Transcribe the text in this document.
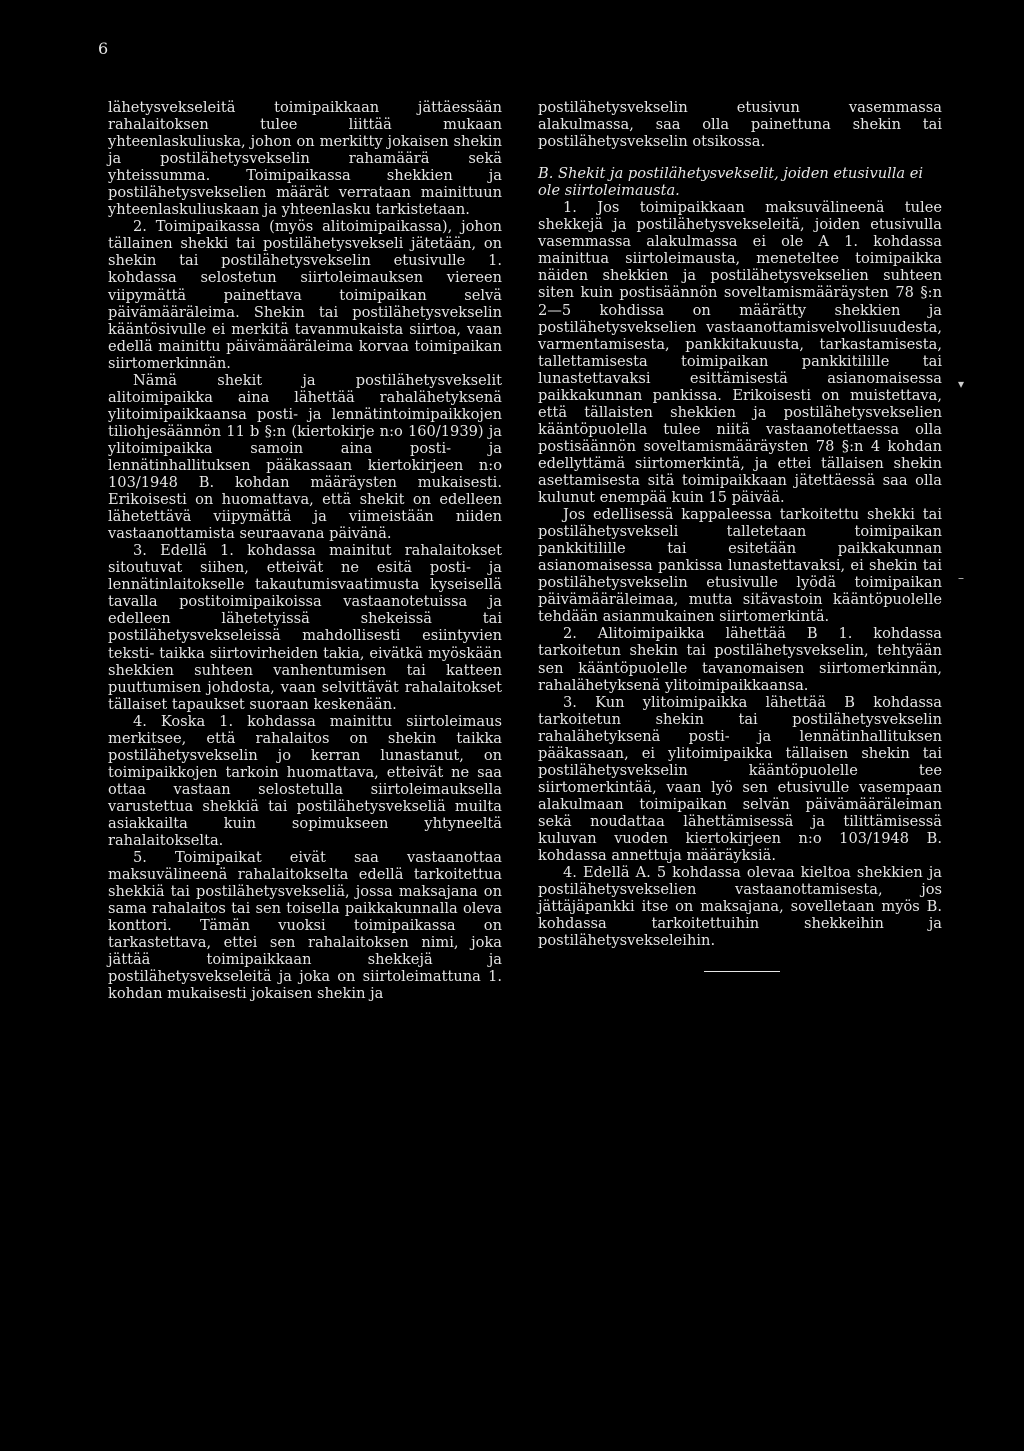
6

lähetysvekseleitä toimipaikkaan jättäessään rahalaitoksen tulee liittää mukaan yhteenlaskuliuska, johon on merkitty jokaisen shekin ja postilähetysvekselin rahamäärä sekä yhteissumma. Toimipaikassa shekkien ja postilähetysvekselien määrät verrataan mainittuun yhteenlaskuliuskaan ja yhteenlasku tarkistetaan.

2. Toimipaikassa (myös alitoimipaikassa), johon tällainen shekki tai postilähetysvekseli jätetään, on shekin tai postilähetysvekselin etusivulle 1. kohdassa selostetun siirtoleimauksen viereen viipymättä painettava toimipaikan selvä päivämääräleima. Shekin tai postilähetysvekselin kääntösivulle ei merkitä tavanmukaista siirtoa, vaan edellä mainittu päivämääräleima korvaa toimipaikan siirtomerkinnän.

Nämä shekit ja postilähetysvekselit alitoimipaikka aina lähettää rahalähetyksenä ylitoimipaikkaansa posti- ja lennätintoimipaikkojen tiliohjesäännön 11 b §:n (kiertokirje n:o 160/1939) ja ylitoimipaikka samoin aina posti- ja lennätinhallituksen pääkassaan kiertokirjeen n:o 103/1948 B. kohdan määräysten mukaisesti. Erikoisesti on huomattava, että shekit on edelleen lähetettävä viipymättä ja viimeistään niiden vastaanottamista seuraavana päivänä.

3. Edellä 1. kohdassa mainitut rahalaitokset sitoutuvat siihen, etteivät ne esitä posti- ja lennätinlaitokselle takautumisvaatimusta kyseisellä tavalla postitoimipaikoissa vastaanotetuissa ja edelleen lähetetyissä shekeissä tai postilähetysvekseleissä mahdollisesti esiintyvien teksti- taikka siirtovirheiden takia, eivätkä myöskään shekkien suhteen vanhentumisen tai katteen puuttumisen johdosta, vaan selvittävät rahalaitokset tällaiset tapaukset suoraan keskenään.

4. Koska 1. kohdassa mainittu siirtoleimaus merkitsee, että rahalaitos on shekin taikka postilähetysvekselin jo kerran lunastanut, on toimipaikkojen tarkoin huomattava, etteivät ne saa ottaa vastaan selostetulla siirtoleimauksella varustettua shekkiä tai postilähetysvekseliä muilta asiakkailta kuin sopimukseen yhtyneeltä rahalaitokselta.

5. Toimipaikat eivät saa vastaanottaa maksuvälineenä rahalaitokselta edellä tarkoitettua shekkiä tai postilähetysvekseliä, jossa maksajana on sama rahalaitos tai sen toisella paikkakunnalla oleva konttori. Tämän vuoksi toimipaikassa on tarkastettava, ettei sen rahalaitoksen nimi, joka jättää toimipaikkaan shekkejä ja postilähetysvekseleitä ja joka on siirtoleimattuna 1. kohdan mukaisesti jokaisen shekin ja

postilähetysvekselin etusivun vasemmassa alakulmassa, saa olla painettuna shekin tai postilähetysvekselin otsikossa.

B. Shekit ja postilähetysvekselit, joiden etusivulla ei ole siirtoleimausta.

1. Jos toimipaikkaan maksuvälineenä tulee shekkejä ja postilähetysvekseleitä, joiden etusivulla vasemmassa alakulmassa ei ole A 1. kohdassa mainittua siirtoleimausta, meneteltee toimipaikka näiden shekkien ja postilähetysvekselien suhteen siten kuin postisäännön soveltamismääräysten 78 §:n 2—5 kohdissa on määrätty shekkien ja postilähetysvekselien vastaanottamisvelvollisuudesta, varmentamisesta, pankkitakuusta, tarkastamisesta, tallettamisesta toimipaikan pankkitilille tai lunastettavaksi esittämisestä asianomaisessa paikkakunnan pankissa. Erikoisesti on muistettava, että tällaisten shekkien ja postilähetysvekselien kääntöpuolella tulee niitä vastaanotettaessa olla postisäännön soveltamismääräysten 78 §:n 4 kohdan edellyttämä siirtomerkintä, ja ettei tällaisen shekin asettamisesta sitä toimipaikkaan jätettäessä saa olla kulunut enempää kuin 15 päivää.

Jos edellisessä kappaleessa tarkoitettu shekki tai postilähetysvekseli talletetaan toimipaikan pankkitilille tai esitetään paikkakunnan asianomaisessa pankissa lunastettavaksi, ei shekin tai postilähetysvekselin etusivulle lyödä toimipaikan päivämääräleimaa, mutta sitävastoin kääntöpuolelle tehdään asianmukainen siirtomerkintä.

2. Alitoimipaikka lähettää B 1. kohdassa tarkoitetun shekin tai postilähetysvekselin, tehtyään sen kääntöpuolelle tavanomaisen siirtomerkinnän, rahalähetyksenä ylitoimipaikkaansa.

3. Kun ylitoimipaikka lähettää B kohdassa tarkoitetun shekin tai postilähetysvekselin rahalähetyksenä posti- ja lennätinhallituksen pääkassaan, ei ylitoimipaikka tällaisen shekin tai postilähetysvekselin kääntöpuolelle tee siirtomerkintää, vaan lyö sen etusivulle vasempaan alakulmaan toimipaikan selvän päivämääräleiman sekä noudattaa lähettämisessä ja tilittämisessä kuluvan vuoden kiertokirjeen n:o 103/1948 B. kohdassa annettuja määräyksiä.

4. Edellä A. 5 kohdassa olevaa kieltoa shekkien ja postilähetysvekselien vastaanottamisesta, jos jättäjäpankki itse on maksajana, sovelletaan myös B. kohdassa tarkoitettuihin shekkeihin ja postilähetysvekseleihin.

▾
–
